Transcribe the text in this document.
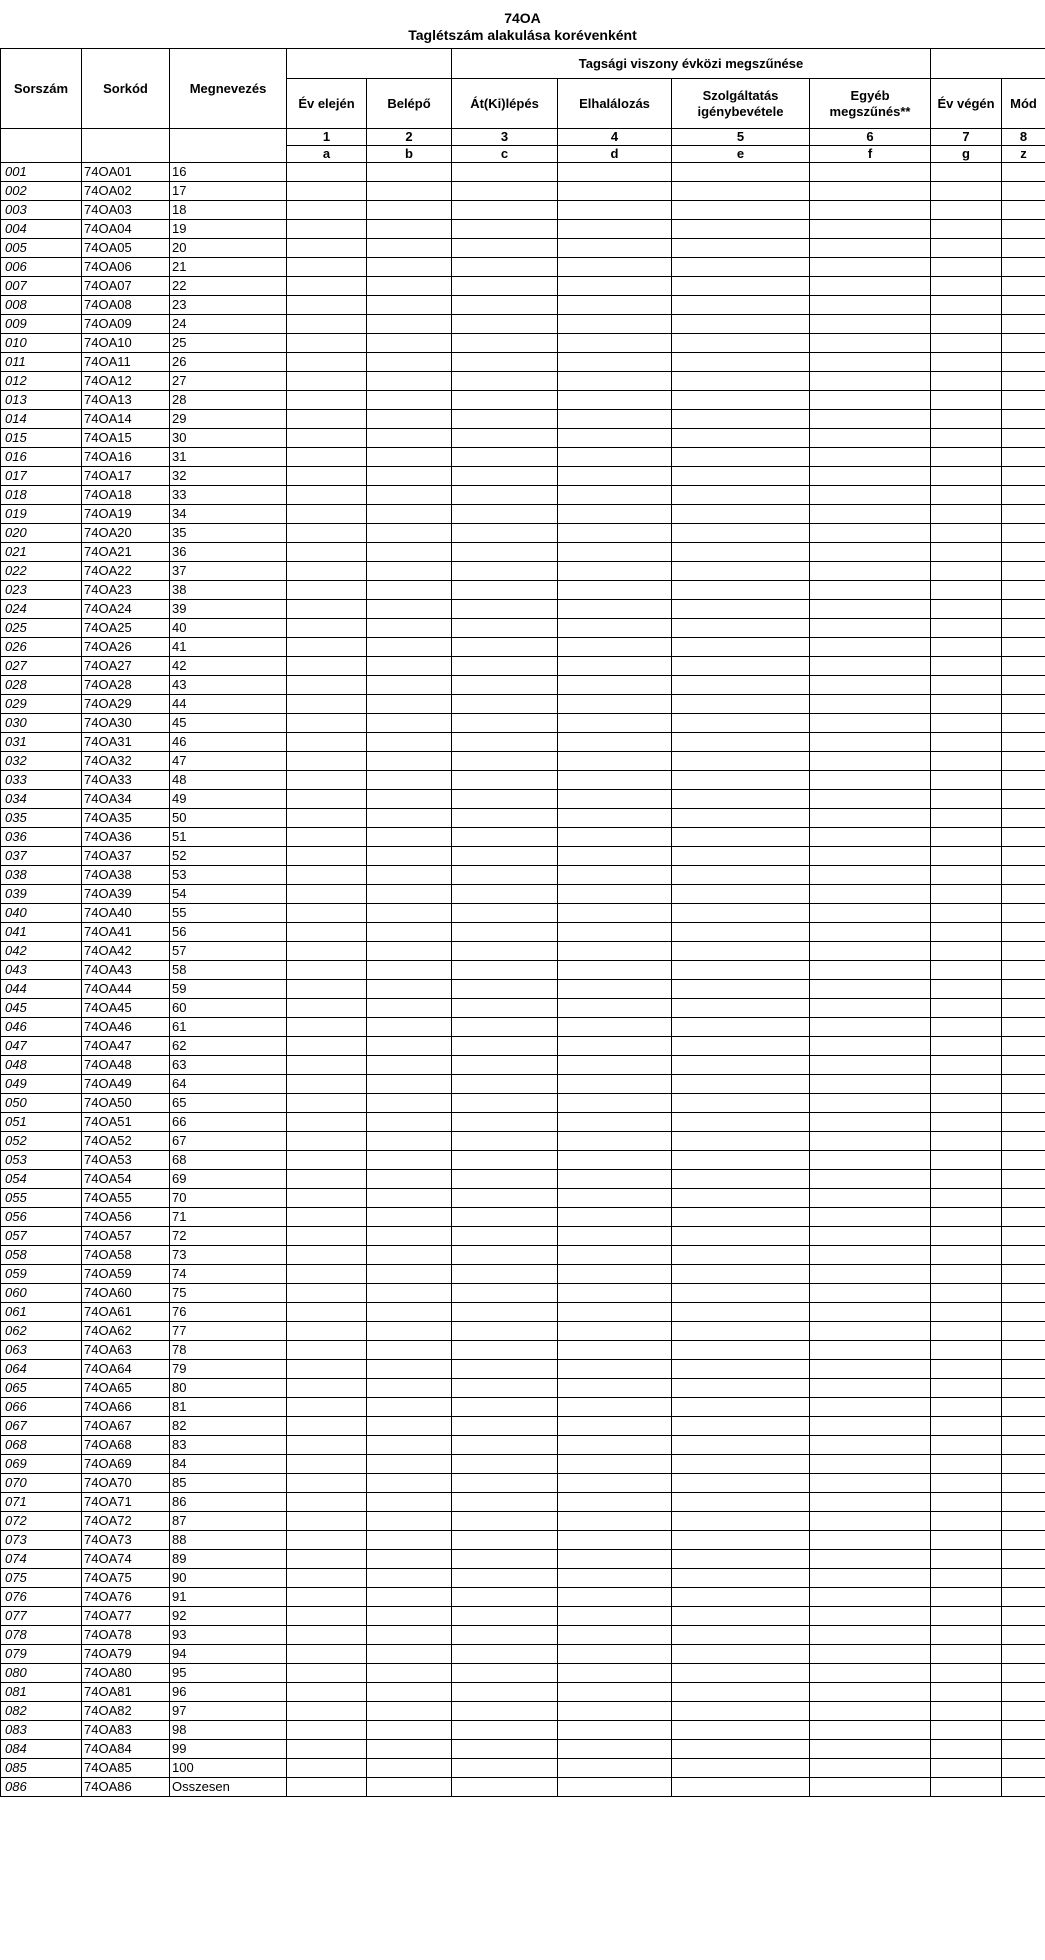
74OA
Taglétszám alakulása korévenként
Sorszám	Sorkód	Megnevezés			Tagsági viszony évközi megszűnése					
			Év elején	Belépő	Át(Ki)lépés	Elhalálozás	Szolgáltatás igénybevétele	Egyéb megszűnés**	Év végén	Mód
			1	2	3	4	5	6	7	8
			a	b	c	d	e	f	g	z
001	74OA01	16								
002	74OA02	17								
003	74OA03	18								
004	74OA04	19								
005	74OA05	20								
006	74OA06	21								
007	74OA07	22								
008	74OA08	23								
009	74OA09	24								
010	74OA10	25								
011	74OA11	26								
012	74OA12	27								
013	74OA13	28								
014	74OA14	29								
015	74OA15	30								
016	74OA16	31								
017	74OA17	32								
018	74OA18	33								
019	74OA19	34								
020	74OA20	35								
021	74OA21	36								
022	74OA22	37								
023	74OA23	38								
024	74OA24	39								
025	74OA25	40								
026	74OA26	41								
027	74OA27	42								
028	74OA28	43								
029	74OA29	44								
030	74OA30	45								
031	74OA31	46								
032	74OA32	47								
033	74OA33	48								
034	74OA34	49								
035	74OA35	50								
036	74OA36	51								
037	74OA37	52								
038	74OA38	53								
039	74OA39	54								
040	74OA40	55								
041	74OA41	56								
042	74OA42	57								
043	74OA43	58								
044	74OA44	59								
045	74OA45	60								
046	74OA46	61								
047	74OA47	62								
048	74OA48	63								
049	74OA49	64								
050	74OA50	65								
051	74OA51	66								
052	74OA52	67								
053	74OA53	68								
054	74OA54	69								
055	74OA55	70								
056	74OA56	71								
057	74OA57	72								
058	74OA58	73								
059	74OA59	74								
060	74OA60	75								
061	74OA61	76								
062	74OA62	77								
063	74OA63	78								
064	74OA64	79								
065	74OA65	80								
066	74OA66	81								
067	74OA67	82								
068	74OA68	83								
069	74OA69	84								
070	74OA70	85								
071	74OA71	86								
072	74OA72	87								
073	74OA73	88								
074	74OA74	89								
075	74OA75	90								
076	74OA76	91								
077	74OA77	92								
078	74OA78	93								
079	74OA79	94								
080	74OA80	95								
081	74OA81	96								
082	74OA82	97								
083	74OA83	98								
084	74OA84	99								
085	74OA85	100								
086	74OA86	Osszesen								
